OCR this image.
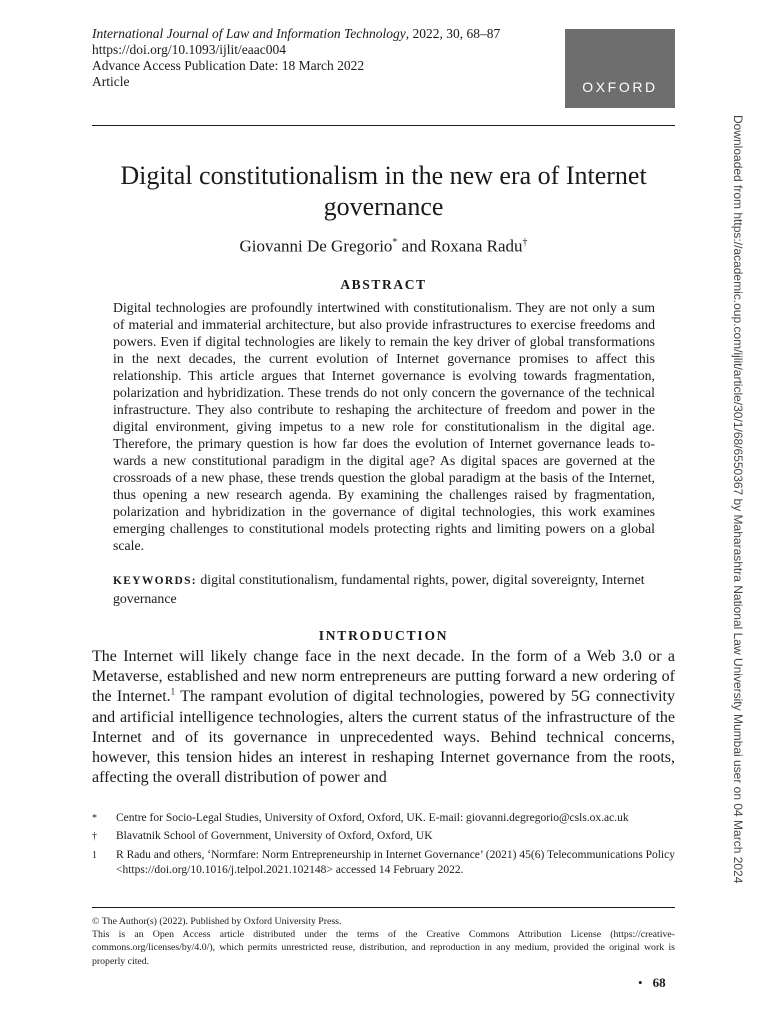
International Journal of Law and Information Technology, 2022, 30, 68–87
https://doi.org/10.1093/ijlit/eaac004
Advance Access Publication Date: 18 March 2022
Article	OXFORD
Digital constitutionalism in the new era of Internet governance
Giovanni De Gregorio* and Roxana Radu†
ABSTRACT

Digital technologies are profoundly intertwined with constitutionalism. They are not only a sum of material and immaterial architecture, but also provide infrastructures to exercise freedoms and powers. Even if digital technologies are likely to remain the key driver of global transformations in the next decades, the current evolution of Internet governance promises to affect this relationship. This article argues that Internet governance is evolving towards fragmentation, polarization and hybridization. These trends do not only concern the governance of the technical infrastructure. They also contribute to reshaping the architecture of freedom and power in the digital environment, giving impetus to a new role for constitutionalism in the digital age. Therefore, the primary question is how far does the evolution of Internet governance leads towards a new constitutional paradigm in the digital age? As digital spaces are governed at the crossroads of a new phase, these trends question the global paradigm at the basis of the Internet, thus opening a new research agenda. By examining the challenges raised by fragmentation, polarization and hybridization in the governance of digital technologies, this work examines emerging challenges to constitutional models protecting rights and limiting powers on a global scale.

KEYWORDS: digital constitutionalism, fundamental rights, power, digital sovereignty, Internet governance

INTRODUCTION

The Internet will likely change face in the next decade. In the form of a Web 3.0 or a Metaverse, established and new norm entrepreneurs are putting forward a new ordering of the Internet.$^1$ The rampant evolution of digital technologies, powered by 5G connectivity and artificial intelligence technologies, alters the current status of the infrastructure of the Internet and of its governance in unprecedented ways. Behind technical concerns, however, this tension hides an interest in reshaping Internet governance from the roots, affecting the overall distribution of power and

*	Centre for Socio-Legal Studies, University of Oxford, Oxford, UK. E-mail: giovanni.degregorio@csls.ox.ac.uk
†	Blavatnik School of Government, University of Oxford, Oxford, UK
1	R Radu and others, ‘Normfare: Norm Entrepreneurship in Internet Governance’ (2021) 45(6) Telecommunications Policy <https://doi.org/10.1016/j.telpol.2021.102148> accessed 14 February 2022.
© The Author(s) (2022). Published by Oxford University Press.
This is an Open Access article distributed under the terms of the Creative Commons Attribution License (https://creativecommons.org/licenses/by/4.0/), which permits unrestricted reuse, distribution, and reproduction in any medium, provided the original work is properly cited.
• 68
Downloaded from https://academic.oup.com/ijlit/article/30/1/68/6550367 by Maharashtra National Law University Mumbai user on 04 March 2024
